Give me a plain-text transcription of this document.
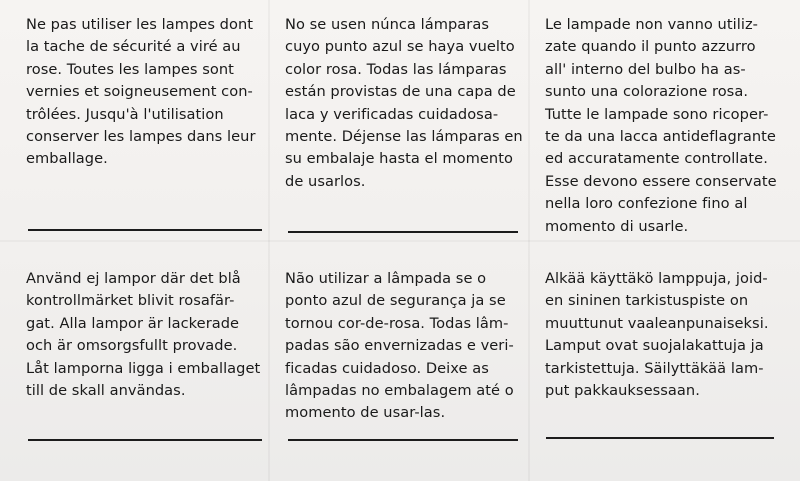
Ne pas utiliser les lampes dont
la tache de sécurité a viré au
rose. Toutes les lampes sont
vernies et soigneusement con-
trôlées. Jusqu'à l'utilisation
conserver les lampes dans leur
emballage.
No se usen núnca lámparas
cuyo punto azul se haya vuelto
color rosa. Todas las lámparas
están provistas de una capa de
laca y verificadas cuidadosa-
mente. Déjense las lámparas en
su embalaje hasta el momento
de usarlos.
Le lampade non vanno utiliz-
zate quando il punto azzurro
all' interno del bulbo ha as-
sunto una colorazione rosa.
Tutte le lampade sono ricoper-
te da una lacca antideflagrante
ed accuratamente controllate.
Esse devono essere conservate
nella loro confezione fino al
momento di usarle.
Använd ej lampor där det blå
kontrollmärket blivit rosafär-
gat. Alla lampor är lackerade
och är omsorgsfullt provade.
Låt lamporna ligga i emballaget
till de skall användas.
Não utilizar a lâmpada se o
ponto azul de segurança ja se
tornou cor-de-rosa. Todas lâm-
padas são envernizadas e veri-
ficadas cuidadoso. Deixe as
lâmpadas no embalagem até o
momento de usar-las.
Alkää käyttäkö lamppuja, joid-
en sininen tarkistuspiste on
muuttunut vaaleanpunaiseksi.
Lamput ovat suojalakattuja ja
tarkistettuja. Säilyttäkää lam-
put pakkauksessaan.
